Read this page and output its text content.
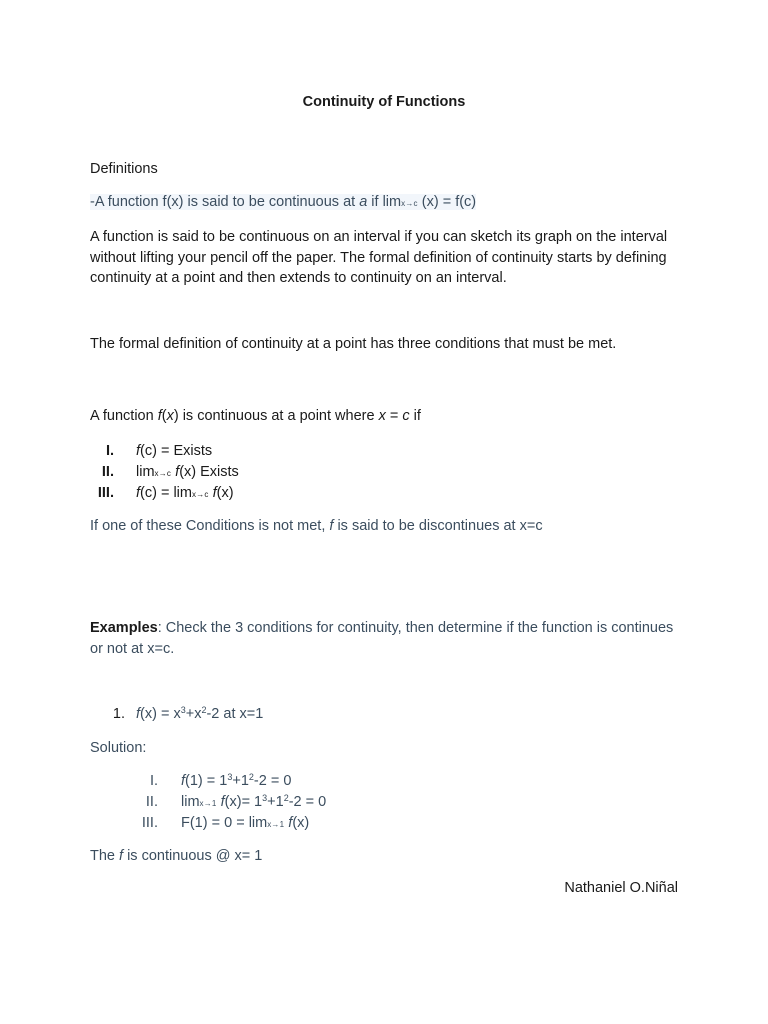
Continuity of Functions
Definitions
-A function f(x) is said to be continuous at a if limx→c (x) = f(c)
A function is said to be continuous on an interval if you can sketch its graph on the interval without lifting your pencil off the paper. The formal definition of continuity starts by defining continuity at a point and then extends to continuity on an interval.
The formal definition of continuity at a point has three conditions that must be met.
A function f(x) is continuous at a point where x = c if
I. f(c) = Exists
II. limx→c f(x) Exists
III. f(c) = limx→c f(x)
If one of these Conditions is not met, f is said to be discontinues at x=c
Examples: Check the 3 conditions for continuity, then determine if the function is continues or not at x=c.
1. $f(x) = x^3+x^2-2$ at x=1
Solution:
I. $f(1) = 1^3+1^2-2 = 0$
II. limx→1 $f(x)= 1^3+1^2-2 = 0$
III. F(1) = 0 = limx→1 f(x)
The f is continuous @ x= 1
Nathaniel O.Niñal
